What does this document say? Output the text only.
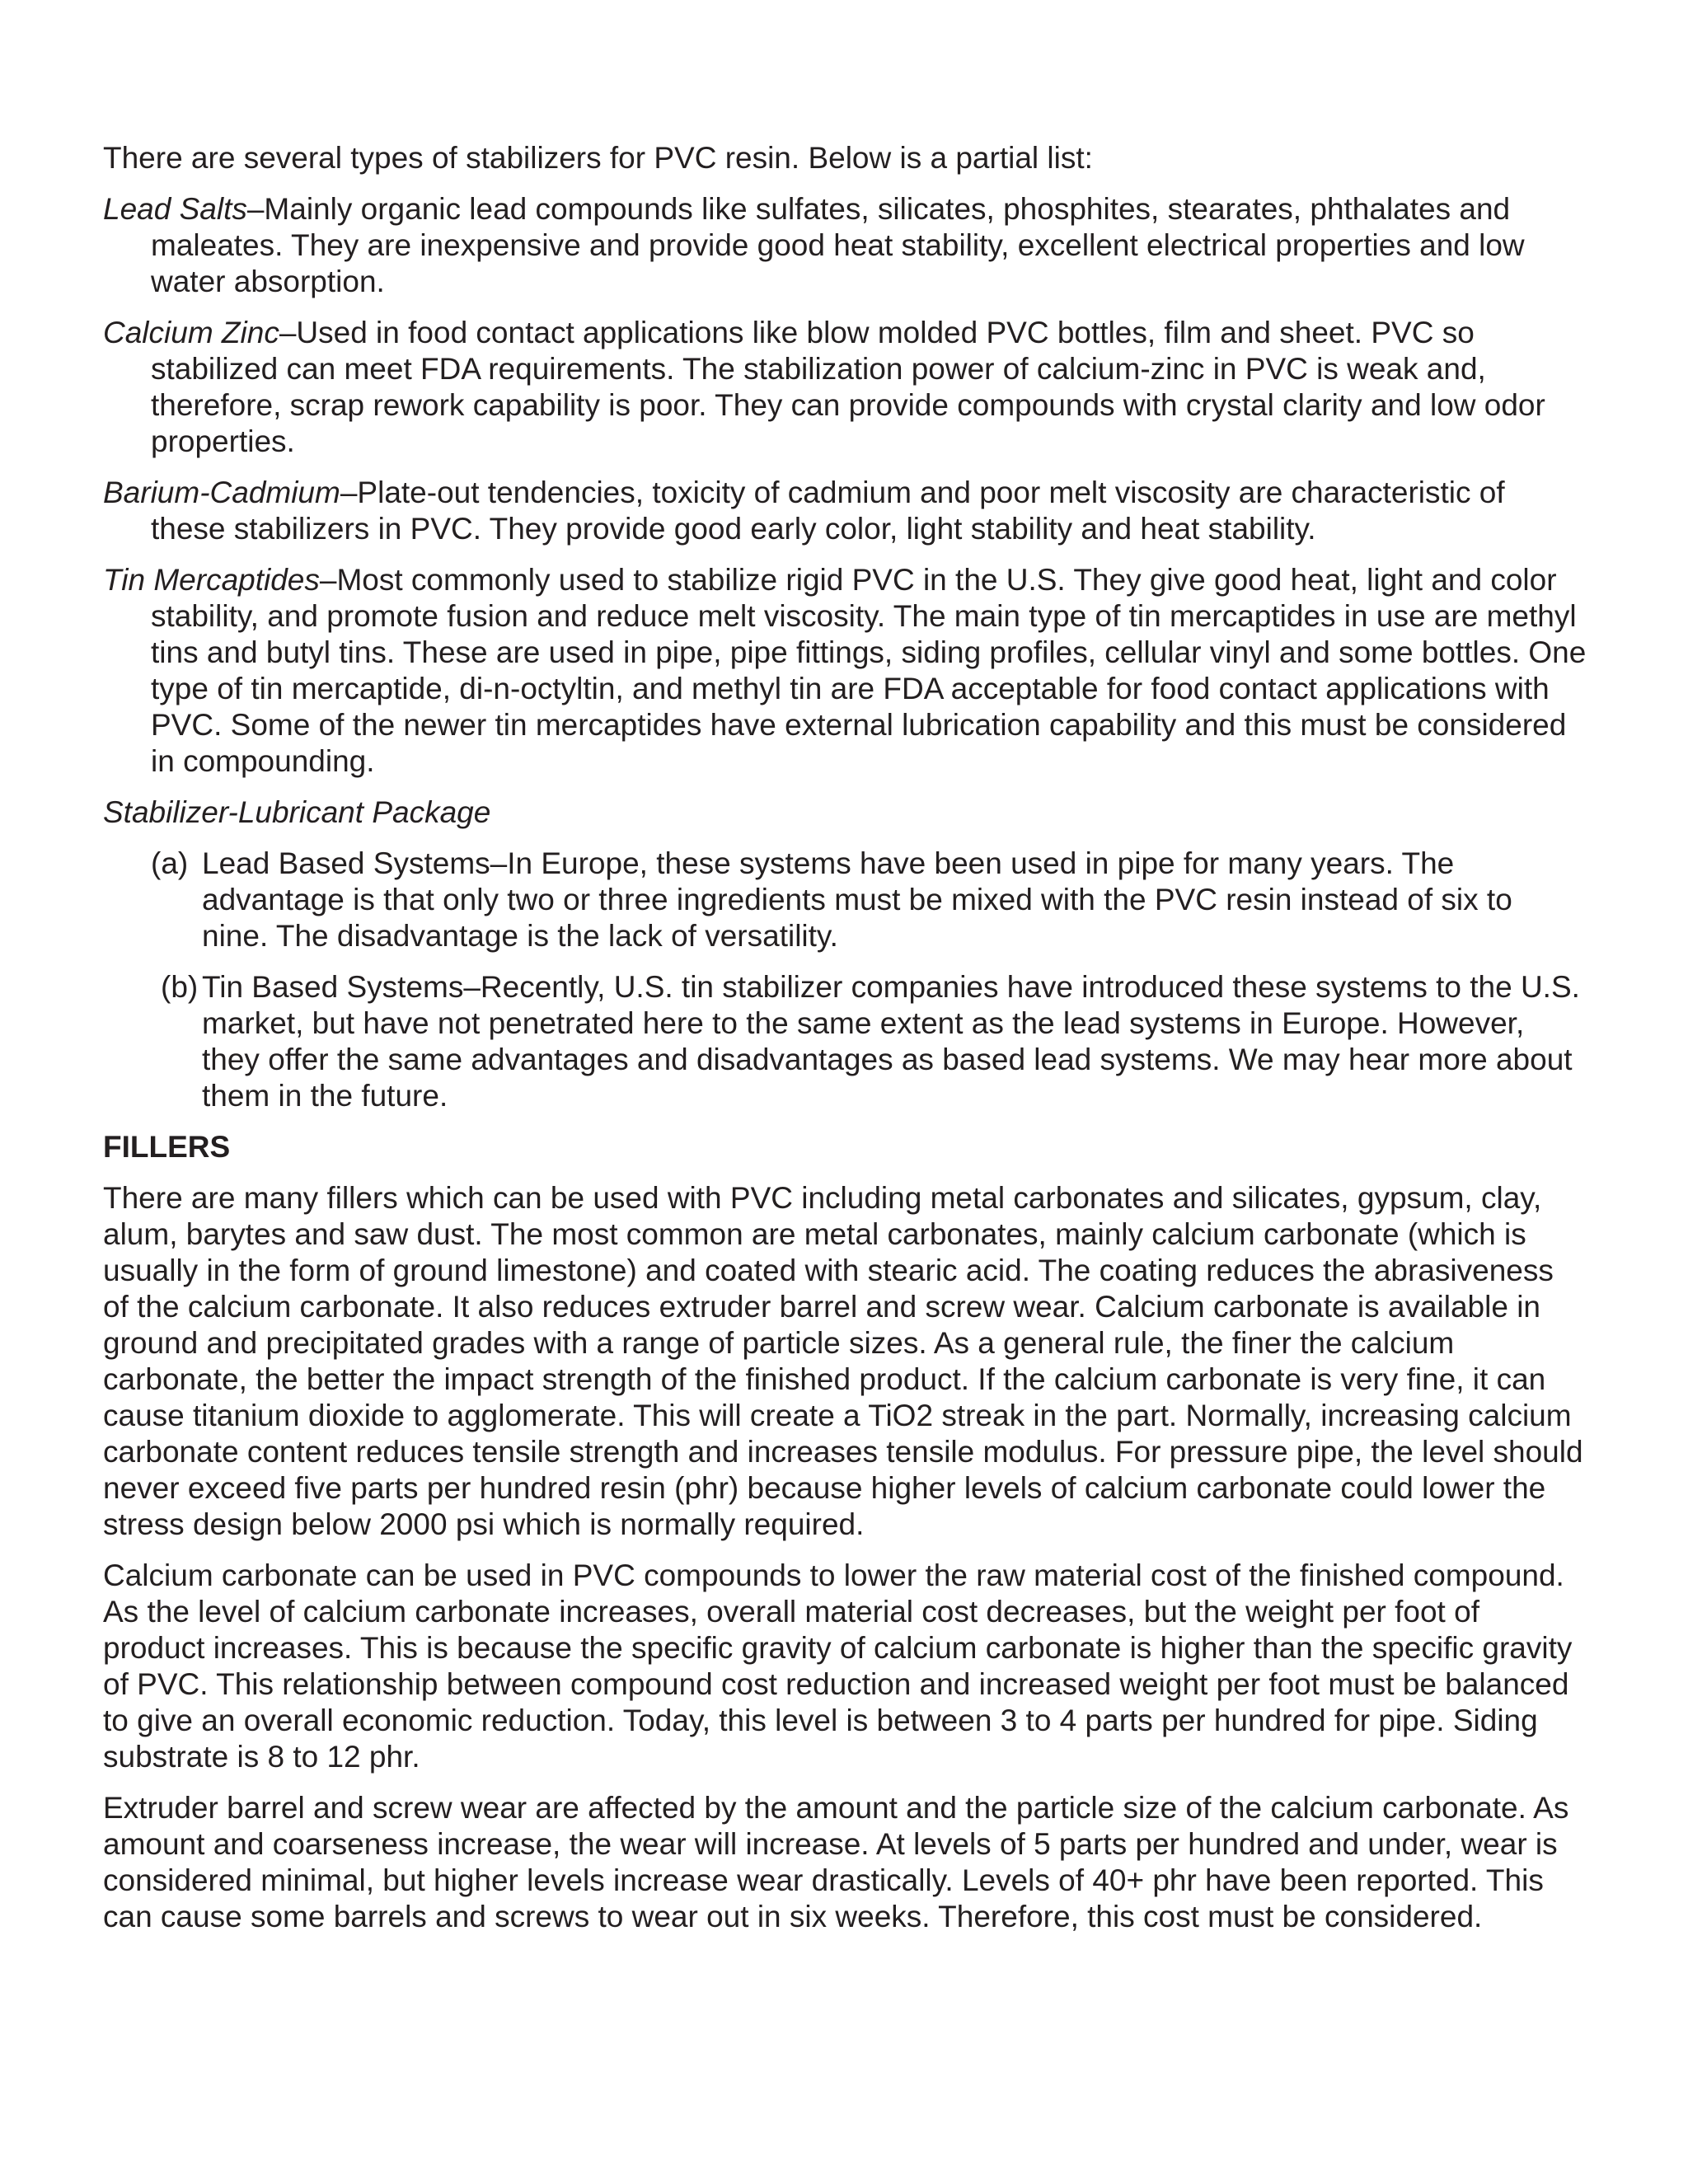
There are several types of stabilizers for PVC resin. Below is a partial list:

Lead Salts–Mainly organic lead compounds like sulfates, silicates, phosphites, stearates, phthalates and maleates. They are inexpensive and provide good heat stability, excellent electrical properties and low water absorption.

Calcium Zinc–Used in food contact applications like blow molded PVC bottles, film and sheet. PVC so stabilized can meet FDA requirements. The stabilization power of calcium-zinc in PVC is weak and, therefore, scrap rework capability is poor. They can provide compounds with crystal clarity and low odor properties.

Barium-Cadmium–Plate-out tendencies, toxicity of cadmium and poor melt viscosity are characteristic of these stabilizers in PVC. They provide good early color, light stability and heat stability.

Tin Mercaptides–Most commonly used to stabilize rigid PVC in the U.S. They give good heat, light and color stability, and promote fusion and reduce melt viscosity. The main type of tin mercaptides in use are methyl tins and butyl tins. These are used in pipe, pipe fittings, siding profiles, cellular vinyl and some bottles. One type of tin mercaptide, di-n-octyltin, and methyl tin are FDA acceptable for food contact applications with PVC. Some of the newer tin mercaptides have external lubrication capability and this must be considered in compounding.

Stabilizer-Lubricant Package

(a) Lead Based Systems–In Europe, these systems have been used in pipe for many years. The advantage is that only two or three ingredients must be mixed with the PVC resin instead of six to nine. The disadvantage is the lack of versatility.
(b) Tin Based Systems–Recently, U.S. tin stabilizer companies have introduced these systems to the U.S. market, but have not penetrated here to the same extent as the lead systems in Europe. However, they offer the same advantages and disadvantages as based lead systems. We may hear more about them in the future.

FILLERS

There are many fillers which can be used with PVC including metal carbonates and silicates, gypsum, clay, alum, barytes and saw dust. The most common are metal carbonates, mainly calcium carbonate (which is usually in the form of ground limestone) and coated with stearic acid. The coating reduces the abrasiveness of the calcium carbonate. It also reduces extruder barrel and screw wear. Calcium carbonate is available in ground and precipitated grades with a range of particle sizes. As a general rule, the finer the calcium carbonate, the better the impact strength of the finished product. If the calcium carbonate is very fine, it can cause titanium dioxide to agglomerate. This will create a TiO2 streak in the part. Normally, increasing calcium carbonate content reduces tensile strength and increases tensile modulus. For pressure pipe, the level should never exceed five parts per hundred resin (phr) because higher levels of calcium carbonate could lower the stress design below 2000 psi which is normally required.

Calcium carbonate can be used in PVC compounds to lower the raw material cost of the finished compound. As the level of calcium carbonate increases, overall material cost decreases, but the weight per foot of product increases. This is because the specific gravity of calcium carbonate is higher than the specific gravity of PVC. This relationship between compound cost reduction and increased weight per foot must be balanced to give an overall economic reduction. Today, this level is between 3 to 4 parts per hundred for pipe. Siding substrate is 8 to 12 phr.

Extruder barrel and screw wear are affected by the amount and the particle size of the calcium carbonate. As amount and coarseness increase, the wear will increase. At levels of 5 parts per hundred and under, wear is considered minimal, but higher levels increase wear drastically. Levels of 40+ phr have been reported. This can cause some barrels and screws to wear out in six weeks. Therefore, this cost must be considered.
